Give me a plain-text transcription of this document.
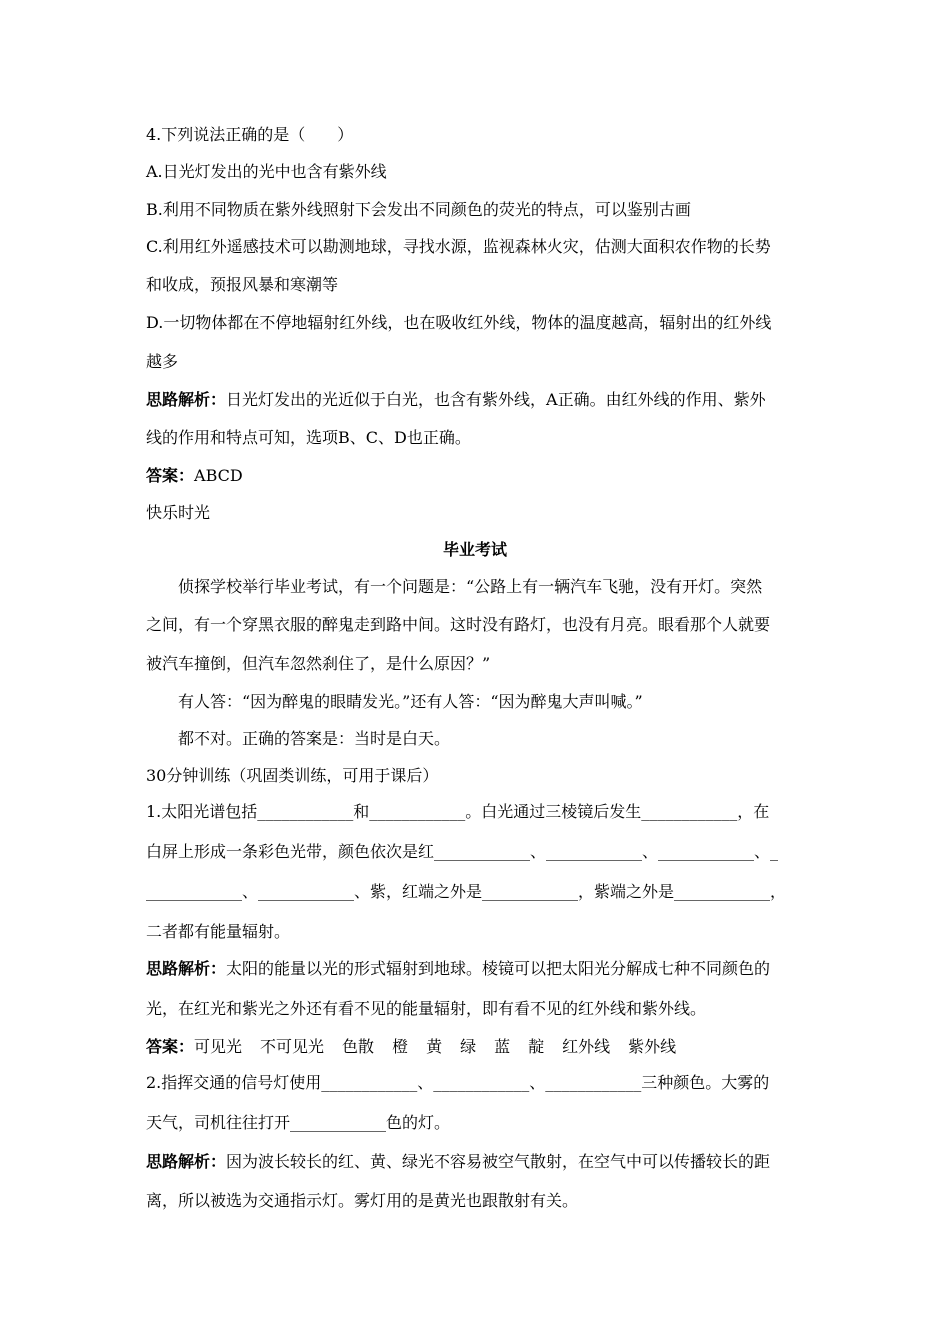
4.下列说法正确的是（　　）
A.日光灯发出的光中也含有紫外线
B.利用不同物质在紫外线照射下会发出不同颜色的荧光的特点，可以鉴别古画
C.利用红外遥感技术可以勘测地球，寻找水源，监视森林火灾，估测大面积农作物的长势
和收成，预报风暴和寒潮等
D.一切物体都在不停地辐射红外线，也在吸收红外线，物体的温度越高，辐射出的红外线
越多
思路解析：日光灯发出的光近似于白光，也含有紫外线，A正确。由红外线的作用、紫外
线的作用和特点可知，选项B、C、D也正确。
答案：ABCD
快乐时光
毕业考试
侦探学校举行毕业考试，有一个问题是：“公路上有一辆汽车飞驰，没有开灯。突然
之间，有一个穿黑衣服的醉鬼走到路中间。这时没有路灯，也没有月亮。眼看那个人就要
被汽车撞倒，但汽车忽然刹住了，是什么原因？”
有人答：“因为醉鬼的眼睛发光。”还有人答：“因为醉鬼大声叫喊。”
都不对。正确的答案是：当时是白天。
30分钟训练（巩固类训练，可用于课后）
1.太阳光谱包括____________和____________。白光通过三棱镜后发生____________，在
白屏上形成一条彩色光带，颜色依次是红____________、____________、____________、_
____________、____________、紫，红端之外是____________，紫端之外是____________，
二者都有能量辐射。
思路解析：太阳的能量以光的形式辐射到地球。棱镜可以把太阳光分解成七种不同颜色的
光，在红光和紫光之外还有看不见的能量辐射，即有看不见的红外线和紫外线。
答案：可见光 不可见光 色散 橙 黄 绿 蓝 靛 红外线 紫外线
2.指挥交通的信号灯使用____________、____________、____________三种颜色。大雾的
天气，司机往往打开____________色的灯。
思路解析：因为波长较长的红、黄、绿光不容易被空气散射，在空气中可以传播较长的距
离，所以被选为交通指示灯。雾灯用的是黄光也跟散射有关。
